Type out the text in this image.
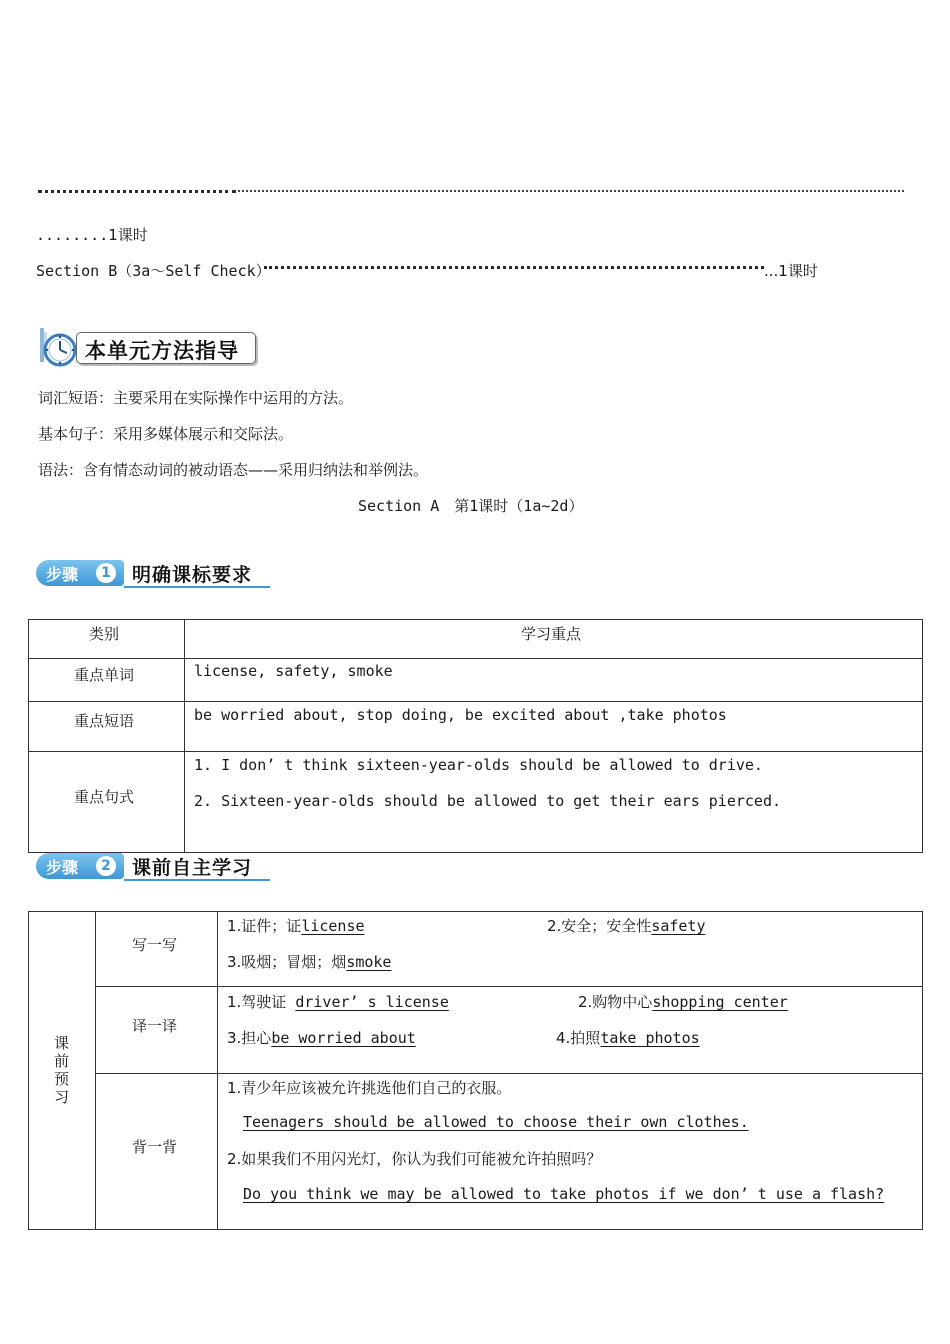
........1课时
Section B（3a～Self Check）	...1课时
本单元方法指导
词汇短语：主要采用在实际操作中运用的方法。
基本句子：采用多媒体展示和交际法。
语法：含有情态动词的被动语态——采用归纳法和举例法。
Section A　第1课时（1a~2d）
步骤	1 明确课标要求
类别	学习重点

重点单词	license, safety, smoke

重点短语	be worried about, stop doing, be excited about ,take photos

重点句式	1. I don’ t think sixteen-year-olds should be allowed to drive.
2. Sixteen-year-olds should be allowed to get their ears pierced.
步骤	2 课前自主学习
课前预习	写一写	1.证件；证license 2.安全；安全性safety
3.吸烟；冒烟；烟smoke

	译一译	1.驾驶证 driver’ s license 2.购物中心shopping center
3.担心be worried about 4.拍照take photos

	背一背	1.青少年应该被允许挑选他们自己的衣服。
Teenagers should be allowed to choose their own clothes.
2.如果我们不用闪光灯，你认为我们可能被允许拍照吗？
Do you think we may be allowed to take photos if we don’ t use a flash?
